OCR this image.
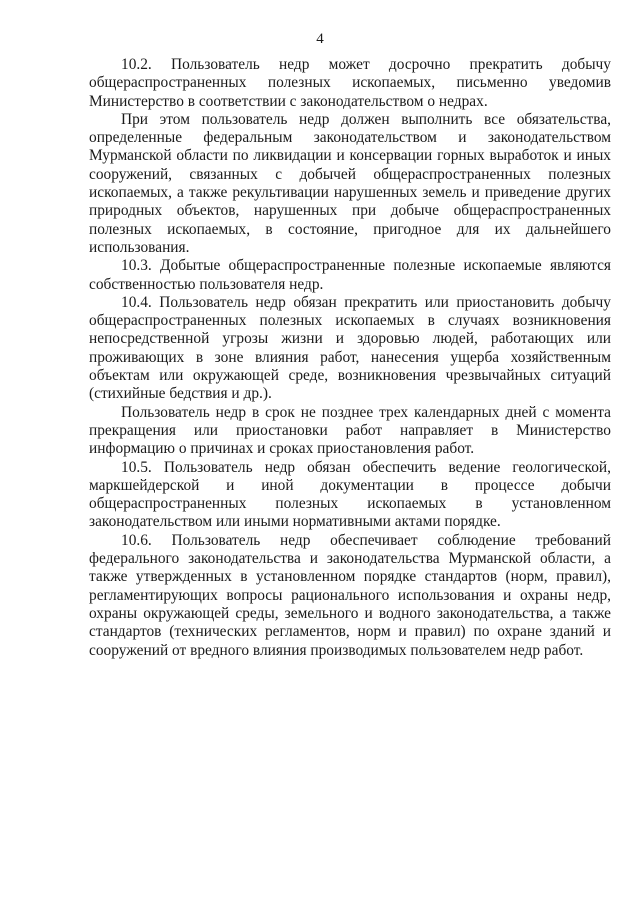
4

10.2. Пользователь недр может досрочно прекратить добычу общераспространенных полезных ископаемых, письменно уведомив Министерство в соответствии с законодательством о недрах.

При этом пользователь недр должен выполнить все обязательства, определенные федеральным законодательством и законодательством Мурманской области по ликвидации и консервации горных выработок и иных сооружений, связанных с добычей общераспространенных полезных ископаемых, а также рекультивации нарушенных земель и приведение других природных объектов, нарушенных при добыче общераспространенных полезных ископаемых, в состояние, пригодное для их дальнейшего использования.

10.3. Добытые общераспространенные полезные ископаемые являются собственностью пользователя недр.

10.4. Пользователь недр обязан прекратить или приостановить добычу общераспространенных полезных ископаемых в случаях возникновения непосредственной угрозы жизни и здоровью людей, работающих или проживающих в зоне влияния работ, нанесения ущерба хозяйственным объектам или окружающей среде, возникновения чрезвычайных ситуаций (стихийные бедствия и др.).

Пользователь недр в срок не позднее трех календарных дней с момента прекращения или приостановки работ направляет в Министерство информацию о причинах и сроках приостановления работ.

10.5. Пользователь недр обязан обеспечить ведение геологической, маркшейдерской и иной документации в процессе добычи общераспространенных полезных ископаемых в установленном законодательством или иными нормативными актами порядке.

10.6. Пользователь недр обеспечивает соблюдение требований федерального законодательства и законодательства Мурманской области, а также утвержденных в установленном порядке стандартов (норм, правил), регламентирующих вопросы рационального использования и охраны недр, охраны окружающей среды, земельного и водного законодательства, а также стандартов (технических регламентов, норм и правил) по охране зданий и сооружений от вредного влияния производимых пользователем недр работ.
